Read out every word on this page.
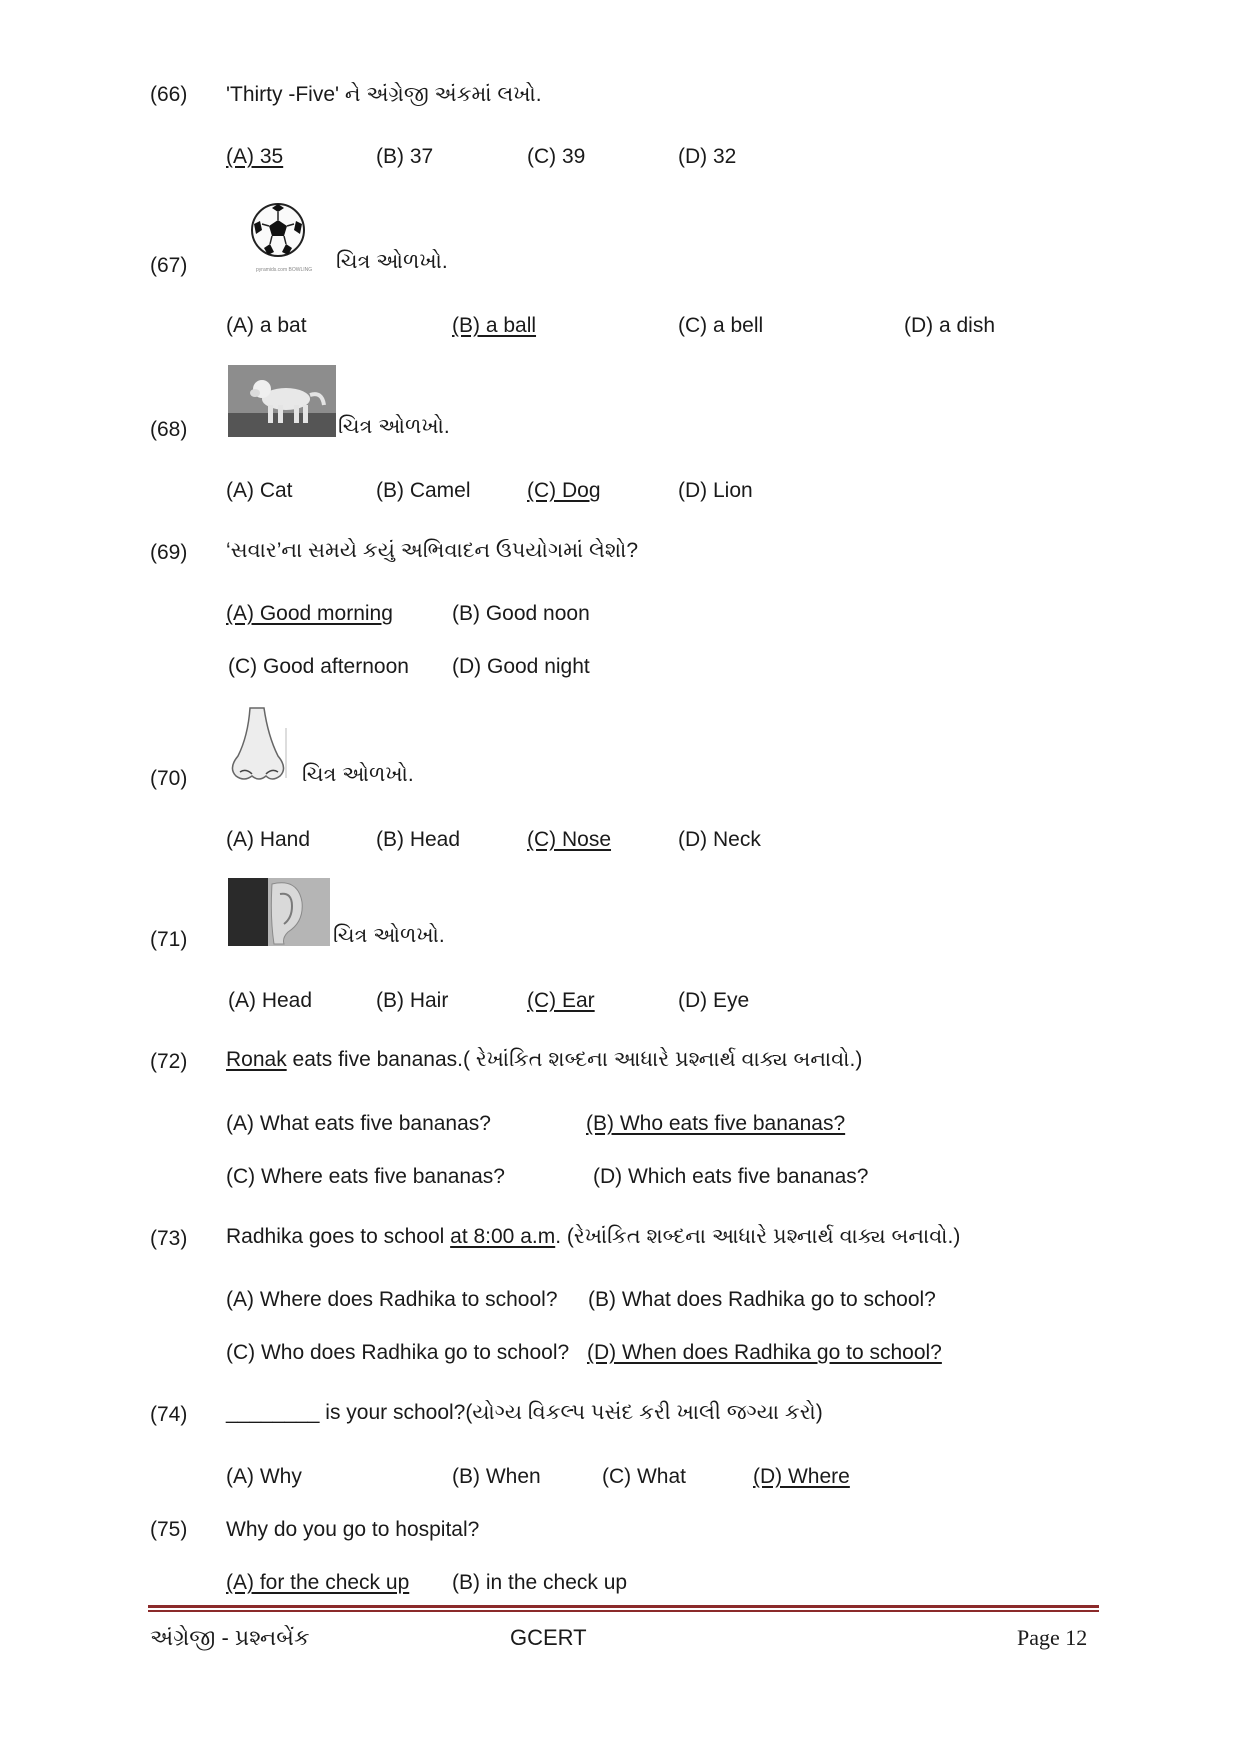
(66) 'Thirty -Five' ને અંગ્રેજી અંકમાં લખો.
(A) 35	(B) 37	(C) 39	(D) 32
pyramids.com BOWLING
(67)	ચિત્ર ઓળખો.
(A) a bat	(B) a ball	(C) a bell	(D) a dish
(68)	ચિત્ર ઓળખો.
(A) Cat	(B) Camel	(C) Dog	(D) Lion
(69) ‘સવાર’ના સમયે કયું અભિવાદન ઉપયોગમાં લેશો?
(A) Good morning	(B) Good noon
(C) Good afternoon (D) Good night
(70)	ચિત્ર ઓળખો.
(A) Hand	(B) Head	(C) Nose	(D) Neck
(71)	ચિત્ર ઓળખો.
(A) Head	(B) Hair	(C) Ear	(D) Eye
(72) Ronak eats five bananas.( રેખાંકિત શબ્દના આધારે પ્રશ્નાર્થ વાક્ય બનાવો.)
(A) What eats five bananas?	(B) Who eats five bananas?
(C) Where eats five bananas?	(D) Which eats five bananas?
(73) Radhika goes to school at 8:00 a.m. (રેખાંકિત શબ્દના આધારે પ્રશ્નાર્થ વાક્ય બનાવો.)
(A) Where does Radhika to school? (B) What does Radhika go to school?
(C) Who does Radhika go to school? (D) When does Radhika go to school?
(74) ________ is your school?(યોગ્ય વિકલ્પ પસંદ કરી ખાલી જગ્યા કરો)
(A) Why	(B) When	(C) What	(D) Where
(75) Why do you go to hospital?
(A) for the check up (B) in the check up
અંગ્રેજી - પ્રશ્નબેંક	GCERT	Page 12
